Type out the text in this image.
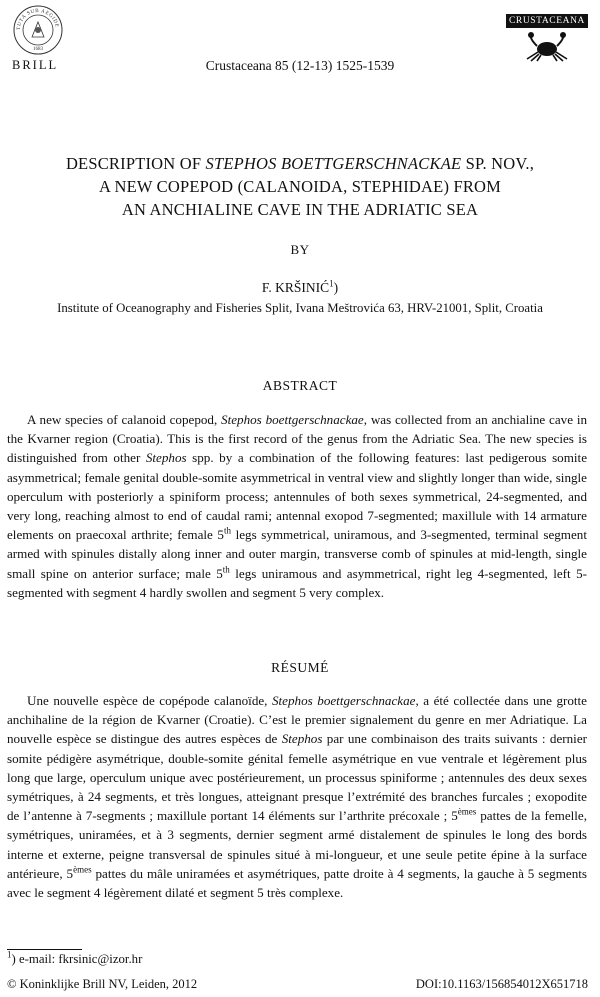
TUTA SUB AEGIDE
1683
BRILL	Crustaceana 85 (12-13) 1525-1539
CRUSTACEANA
DESCRIPTION OF STEPHOS BOETTGERSCHNACKAE SP. NOV.,
A NEW COPEPOD (CALANOIDA, STEPHIDAE) FROM
AN ANCHIALINE CAVE IN THE ADRIATIC SEA
BY
F. KRŠINIĆ$^1$)
Institute of Oceanography and Fisheries Split, Ivana Meštrovića 63, HRV-21001, Split, Croatia
ABSTRACT
A new species of calanoid copepod, Stephos boettgerschnackae, was collected from an anchialine cave in the Kvarner region (Croatia). This is the first record of the genus from the Adriatic Sea. The new species is distinguished from other Stephos spp. by a combination of the following features: last pedigerous somite asymmetrical; female genital double-somite asymmetrical in ventral view and slightly longer than wide, single operculum with posteriorly a spiniform process; antennules of both sexes symmetrical, 24-segmented, and very long, reaching almost to end of caudal rami; antennal exopod 7-segmented; maxillule with 14 armature elements on praecoxal arthrite; female 5th legs symmetrical, uniramous, and 3-segmented, terminal segment armed with spinules distally along inner and outer margin, transverse comb of spinules at mid-length, single small spine on anterior surface; male 5th legs uniramous and asymmetrical, right leg 4-segmented, left 5-segmented with segment 4 hardly swollen and segment 5 very complex.
RÉSUMÉ
Une nouvelle espèce de copépode calanoïde, Stephos boettgerschnackae, a été collectée dans une grotte anchihaline de la région de Kvarner (Croatie). C’est le premier signalement du genre en mer Adriatique. La nouvelle espèce se distingue des autres espèces de Stephos par une combinaison des traits suivants : dernier somite pédigère asymétrique, double-somite génital femelle asymétrique en vue ventrale et légèrement plus long que large, operculum unique avec postérieurement, un processus spiniforme ; antennules des deux sexes symétriques, à 24 segments, et très longues, atteignant presque l’extrémité des branches furcales ; exopodite de l’antenne à 7-segments ; maxillule portant 14 éléments sur l’arthrite précoxale ; 5èmes pattes de la femelle, symétriques, uniramées, et à 3 segments, dernier segment armé distalement de spinules le long des bords interne et externe, peigne transversal de spinules situé à mi-longueur, et une seule petite épine à la surface antérieure, 5èmes pattes du mâle uniramées et asymétriques, patte droite à 4 segments, la gauche à 5 segments avec le segment 4 légèrement dilaté et segment 5 très complexe.
$^1$) e-mail: fkrsinic@izor.hr
© Koninklijke Brill NV, Leiden, 2012	DOI:10.1163/156854012X651718
